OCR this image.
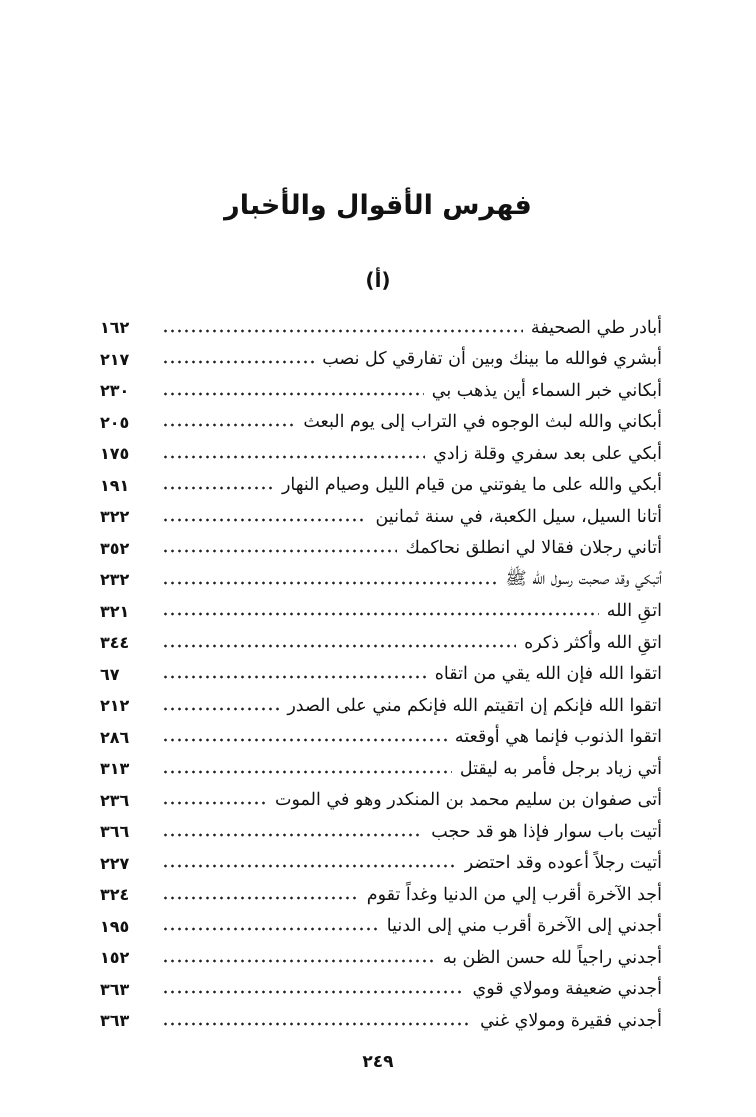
فهرس الأقوال والأخبار
(أ)
أبادر طي الصحيفة
١٦٢
أبشري فوالله ما بينك وبين أن تفارقي كل نصب
٢١٧
أبكاني خبر السماء أين يذهب بي
٢٣٠
أبكاني والله لبث الوجوه في التراب إلى يوم البعث
٢٠٥
أبكي على بعد سفري وقلة زادي
١٧٥
أبكي والله على ما يفوتني من قيام الليل وصيام النهار
١٩١
أتانا السيل، سيل الكعبة، في سنة ثمانين
٣٢٢
أتاني رجلان فقالا لي انطلق نحاكمك
٣٥٢
أتبكي وقد صحبت رسول الله ﷺ
٢٣٢
اتقِ الله
٣٢١
اتقِ الله وأكثر ذكره
٣٤٤
اتقوا الله فإن الله يقي من اتقاه
٦٧
اتقوا الله فإنكم إن اتقيتم الله فإنكم مني على الصدر
٢١٢
اتقوا الذنوب فإنما هي أوقعته
٢٨٦
أتي زياد برجل فأمر به ليقتل
٣١٣
أتى صفوان بن سليم محمد بن المنكدر وهو في الموت
٢٣٦
أتيت باب سوار فإذا هو قد حجب
٣٦٦
أتيت رجلاً أعوده وقد احتضر
٢٢٧
أجد الآخرة أقرب إلي من الدنيا وغداً تقوم
٣٢٤
أجدني إلى الآخرة أقرب مني إلى الدنيا
١٩٥
أجدني راجياً لله حسن الظن به
١٥٢
أجدني ضعيفة ومولاي قوي
٣٦٣
أجدني فقيرة ومولاي غني
٣٦٣
٢٤٩
